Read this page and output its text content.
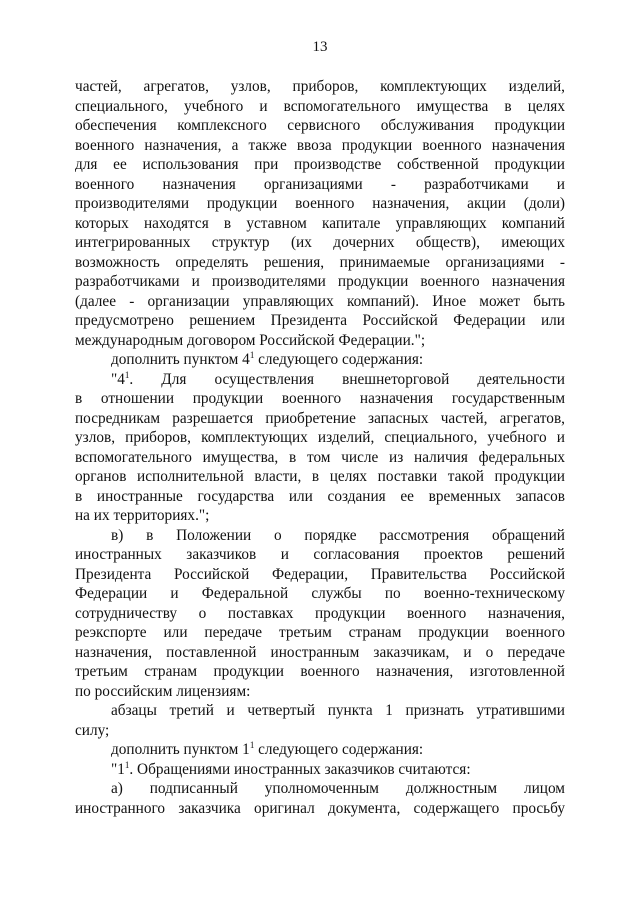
13
частей, агрегатов, узлов, приборов, комплектующих изделий,
специального, учебного и вспомогательного имущества в целях
обеспечения комплексного сервисного обслуживания продукции
военного назначения, а также ввоза продукции военного назначения
для ее использования при производстве собственной продукции
военного назначения организациями - разработчиками и
производителями продукции военного назначения, акции (доли)
которых находятся в уставном капитале управляющих компаний
интегрированных структур (их дочерних обществ), имеющих
возможность определять решения, принимаемые организациями -
разработчиками и производителями продукции военного назначения
(далее - организации управляющих компаний). Иное может быть
предусмотрено решением Президента Российской Федерации или
международным договором Российской Федерации.";
дополнить пунктом $4^1$ следующего содержания:
"$4^1$. Для осуществления внешнеторговой деятельности
в отношении продукции военного назначения государственным
посредникам разрешается приобретение запасных частей, агрегатов,
узлов, приборов, комплектующих изделий, специального, учебного и
вспомогательного имущества, в том числе из наличия федеральных
органов исполнительной власти, в целях поставки такой продукции
в иностранные государства или создания ее временных запасов
на их территориях.";
в) в Положении о порядке рассмотрения обращений
иностранных заказчиков и согласования проектов решений
Президента Российской Федерации, Правительства Российской
Федерации и Федеральной службы по военно-техническому
сотрудничеству о поставках продукции военного назначения,
реэкспорте или передаче третьим странам продукции военного
назначения, поставленной иностранным заказчикам, и о передаче
третьим странам продукции военного назначения, изготовленной
по российским лицензиям:
абзацы третий и четвертый пункта 1 признать утратившими
силу;
дополнить пунктом $1^1$ следующего содержания:
"$1^1$. Обращениями иностранных заказчиков считаются:
а) подписанный уполномоченным должностным лицом
иностранного заказчика оригинал документа, содержащего просьбу
